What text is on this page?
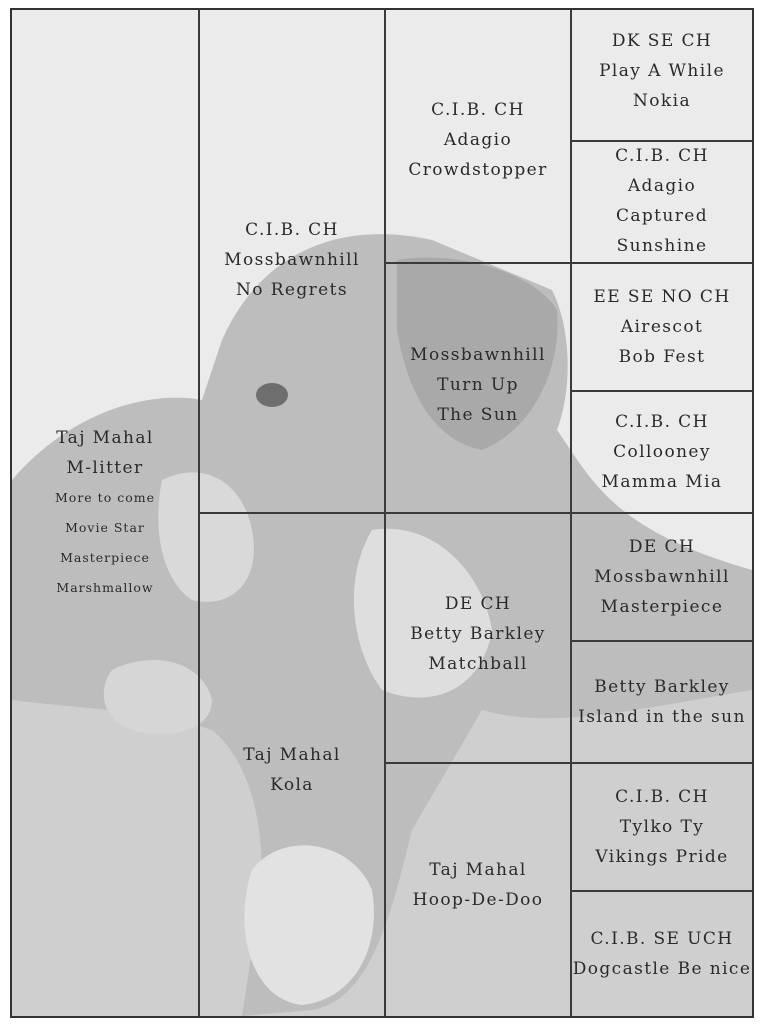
Taj Mahal
M-litter
More to come
Movie Star
Masterpiece
Marshmallow
C.I.B. CH
Mossbawnhill
No Regrets
Taj Mahal
Kola
C.I.B. CH
Adagio
Crowdstopper
Mossbawnhill
Turn Up
The Sun
DE CH
Betty Barkley
Matchball
Taj Mahal
Hoop-De-Doo
DK SE CH
Play A While
Nokia
C.I.B. CH
Adagio
Captured
Sunshine
EE SE NO CH
Airescot
Bob Fest
C.I.B. CH
Collooney
Mamma Mia
DE CH
Mossbawnhill
Masterpiece
Betty Barkley
Island in the sun
C.I.B. CH
Tylko Ty
Vikings Pride
C.I.B. SE UCH
Dogcastle Be nice
